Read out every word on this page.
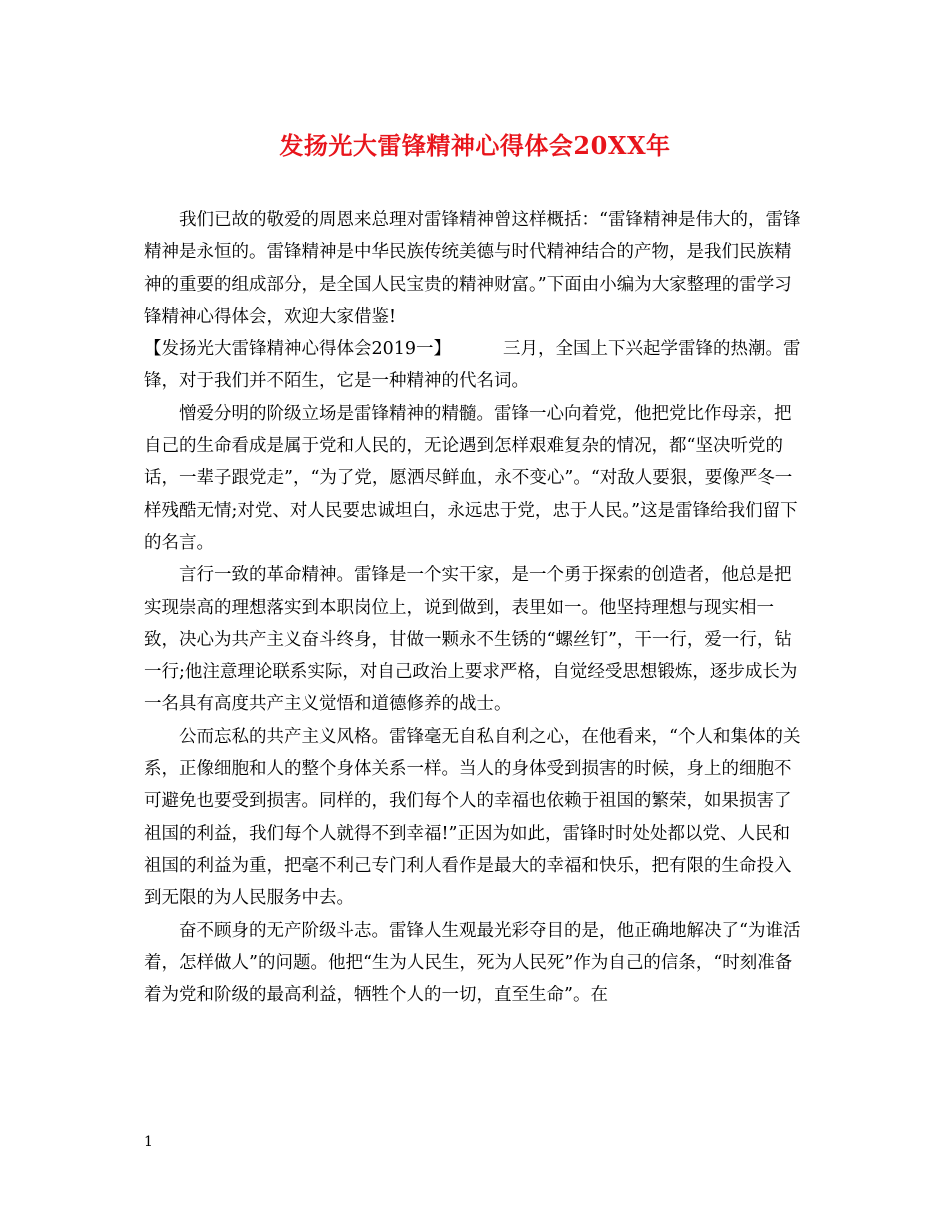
发扬光大雷锋精神心得体会20XX年

我们已故的敬爱的周恩来总理对雷锋精神曾这样概括：“雷锋精神是伟大的，雷锋精神是永恒的。雷锋精神是中华民族传统美德与时代精神结合的产物，是我们民族精神的重要的组成部分，是全国人民宝贵的精神财富。”下面由小编为大家整理的雷学习锋精神心得体会，欢迎大家借鉴!

【发扬光大雷锋精神心得体会2019一】	三月，全国上下兴起学雷锋的热潮。雷锋，对于我们并不陌生，它是一种精神的代名词。

憎爱分明的阶级立场是雷锋精神的精髓。雷锋一心向着党，他把党比作母亲，把自己的生命看成是属于党和人民的，无论遇到怎样艰难复杂的情况，都“坚决听党的话，一辈子跟党走”，“为了党，愿洒尽鲜血，永不变心”。“对敌人要狠，要像严冬一样残酷无情;对党、对人民要忠诚坦白，永远忠于党，忠于人民。”这是雷锋给我们留下的名言。

言行一致的革命精神。雷锋是一个实干家，是一个勇于探索的创造者，他总是把实现崇高的理想落实到本职岗位上，说到做到，表里如一。他坚持理想与现实相一致，决心为共产主义奋斗终身，甘做一颗永不生锈的“螺丝钉”，干一行，爱一行，钻一行;他注意理论联系实际，对自己政治上要求严格，自觉经受思想锻炼，逐步成长为一名具有高度共产主义觉悟和道德修养的战士。

公而忘私的共产主义风格。雷锋毫无自私自利之心，在他看来，“个人和集体的关系，正像细胞和人的整个身体关系一样。当人的身体受到损害的时候，身上的细胞不可避免也要受到损害。同样的，我们每个人的幸福也依赖于祖国的繁荣，如果损害了祖国的利益，我们每个人就得不到幸福!”正因为如此，雷锋时时处处都以党、人民和祖国的利益为重，把毫不利己专门利人看作是最大的幸福和快乐，把有限的生命投入到无限的为人民服务中去。

奋不顾身的无产阶级斗志。雷锋人生观最光彩夺目的是，他正确地解决了“为谁活着，怎样做人”的问题。他把“生为人民生，死为人民死”作为自己的信条，“时刻准备着为党和阶级的最高利益，牺牲个人的一切，直至生命”。在

1
